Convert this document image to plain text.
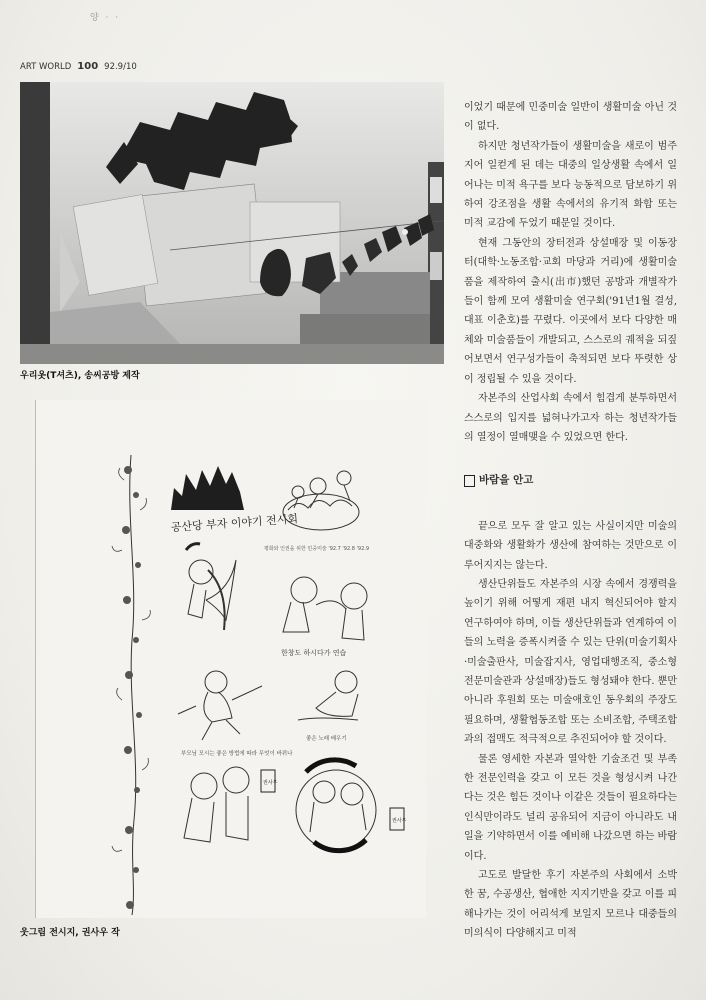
양 · ·
ART WORLD 100 92.9/10
우리옷(T셔츠), 송씨공방 제작
공산당 부자 이야기 전시회
평화와 인권을 위한 민중미술 '92.7 '92.8 '92.9
한창도 하시다가 연습
부모님 모시는 좋은 방법에 따라 무엇이 바뀌나
좋은 노래 배우기
권사우
권사우
웃그림 전시지, 권사우 작

이었기 때문에 민중미술 일반이 생활미술 아닌 것이 없다.

하지만 청년작가들이 생활미술을 새로이 범주지어 일컫게 된 데는 대중의 일상생활 속에서 일어나는 미적 욕구를 보다 능동적으로 담보하기 위하여 강조점을 생활 속에서의 유기적 화합 또는 미적 교감에 두었기 때문일 것이다.

현재 그동안의 장터전과 상설매장 및 이동장터(대학·노동조합·교회 마당과 거리)에 생활미술품을 제작하여 출시(出市)했던 공방과 개별작가들이 함께 모여 생활미술 연구회('91년1월 결성, 대표 이춘호)를 꾸렸다. 이곳에서 보다 다양한 매체와 미술품들이 개발되고, 스스로의 궤적을 되짚어보면서 연구성가들이 축적되면 보다 뚜렷한 상이 정립될 수 있을 것이다.

자본주의 산업사회 속에서 힘겹게 분투하면서 스스로의 입지를 넓혀나가고자 하는 청년작가들의 열정이 열매맺을 수 있었으면 한다.

바람을 안고

끝으로 모두 잘 알고 있는 사실이지만 미술의 대중화와 생활화가 생산에 참여하는 것만으로 이루어지지는 않는다.

생산단위들도 자본주의 시장 속에서 경쟁력을 높이기 위해 어떻게 재편 내지 혁신되어야 할지 연구하여야 하며, 이들 생산단위들과 연계하여 이들의 노력을 증폭시켜줄 수 있는 단위(미술기획사·미술출판사, 미술잡지사, 영업대행조직, 중소형 전문미술관과 상설매장)들도 형성돼야 한다. 뿐만아니라 후원회 또는 미술애호인 동우회의 주장도 필요하며, 생활협동조합 또는 소비조합, 주택조합과의 접맥도 적극적으로 추진되어야 할 것이다.

물론 영세한 자본과 열악한 기술조건 및 부족한 전문인력을 갖고 이 모든 것을 형성시켜 나간다는 것은 힘든 것이나 이같은 것들이 필요하다는 인식만이라도 널리 공유되어 지금이 아니라도 내일을 기약하면서 이를 예비해 나갔으면 하는 바람이다.

고도로 발달한 후기 자본주의 사회에서 소박한 꿈, 수공생산, 협애한 지지기반을 갖고 이를 피해나가는 것이 어리석게 보일지 모르나 대중들의 미의식이 다양해지고 미적
